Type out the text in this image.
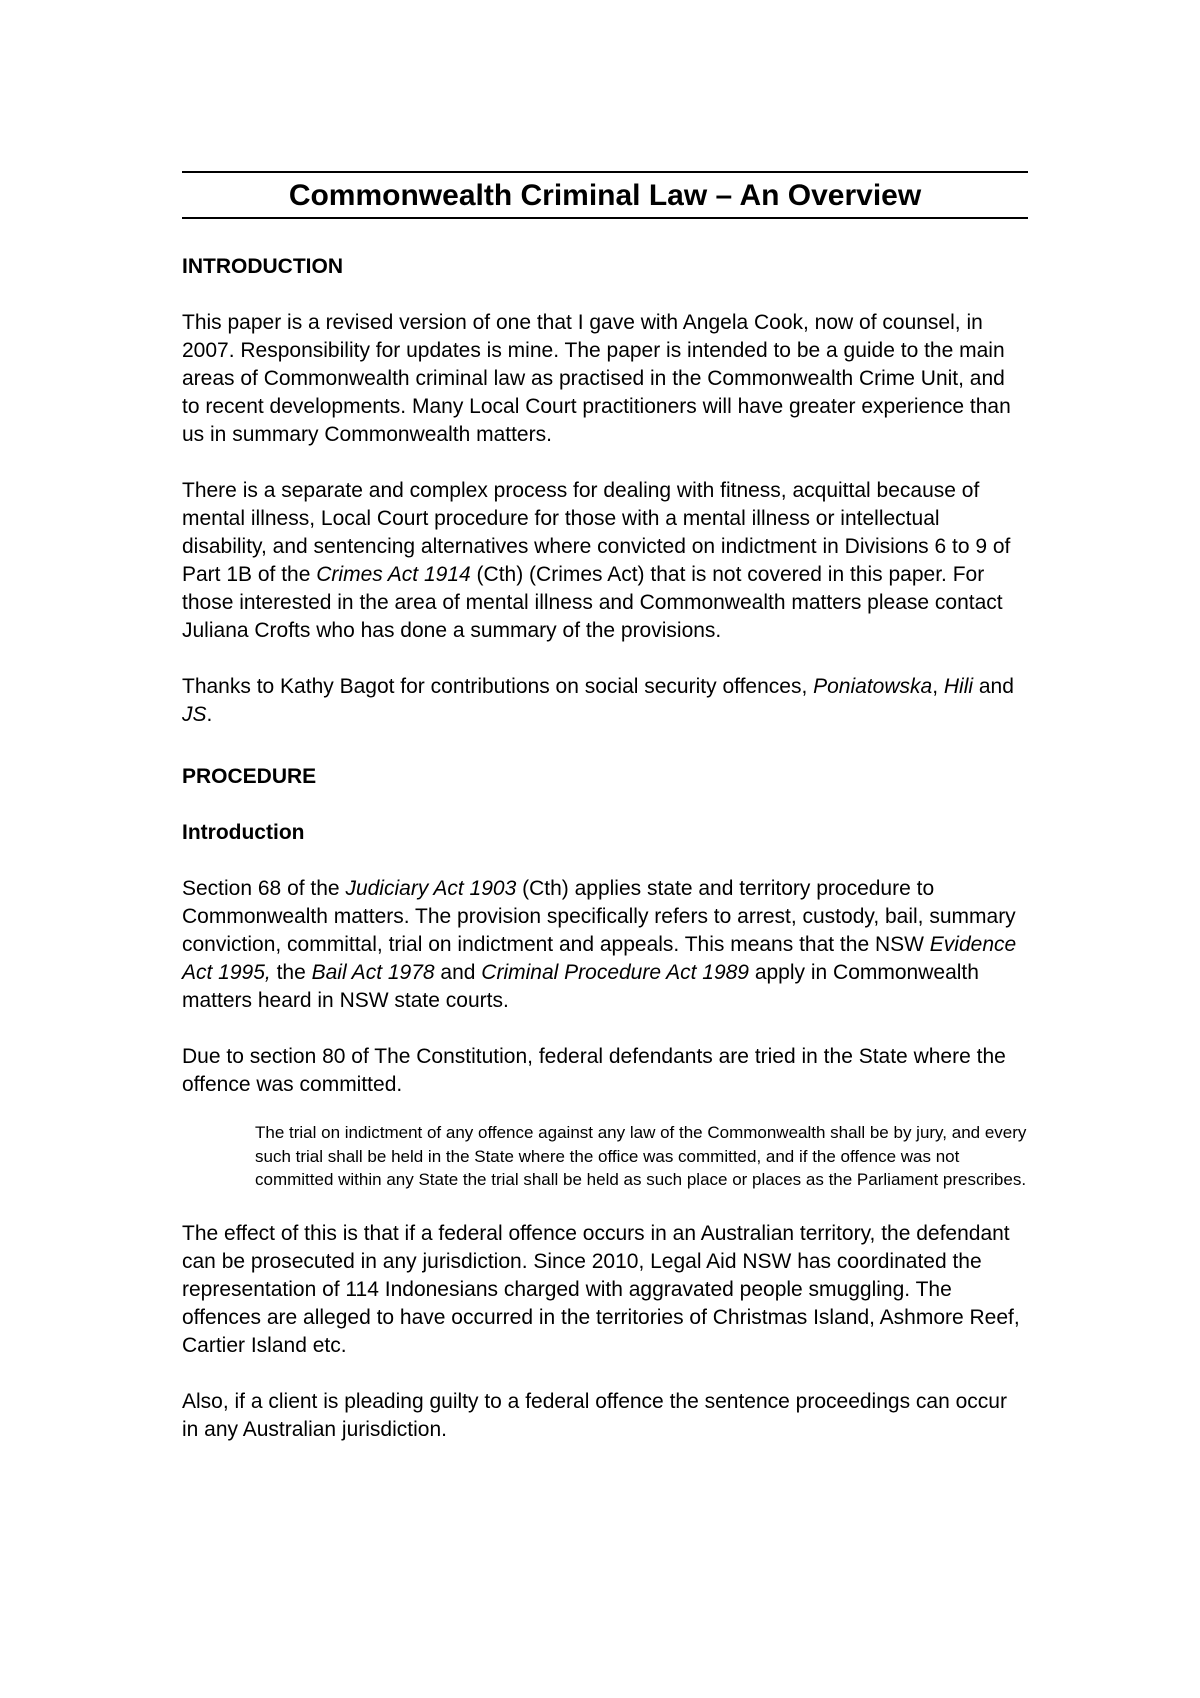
Commonwealth Criminal Law – An Overview
INTRODUCTION

This paper is a revised version of one that I gave with Angela Cook, now of counsel, in 2007. Responsibility for updates is mine. The paper is intended to be a guide to the main areas of Commonwealth criminal law as practised in the Commonwealth Crime Unit, and to recent developments. Many Local Court practitioners will have greater experience than us in summary Commonwealth matters.

There is a separate and complex process for dealing with fitness, acquittal because of mental illness, Local Court procedure for those with a mental illness or intellectual disability, and sentencing alternatives where convicted on indictment in Divisions 6 to 9 of Part 1B of the Crimes Act 1914 (Cth) (Crimes Act) that is not covered in this paper. For those interested in the area of mental illness and Commonwealth matters please contact Juliana Crofts who has done a summary of the provisions.

Thanks to Kathy Bagot for contributions on social security offences, Poniatowska, Hili and JS.

PROCEDURE
Introduction

Section 68 of the Judiciary Act 1903 (Cth) applies state and territory procedure to Commonwealth matters. The provision specifically refers to arrest, custody, bail, summary conviction, committal, trial on indictment and appeals. This means that the NSW Evidence Act 1995, the Bail Act 1978 and Criminal Procedure Act 1989 apply in Commonwealth matters heard in NSW state courts.

Due to section 80 of The Constitution, federal defendants are tried in the State where the offence was committed.

The trial on indictment of any offence against any law of the Commonwealth shall be by jury, and every such trial shall be held in the State where the office was committed, and if the offence was not committed within any State the trial shall be held as such place or places as the Parliament prescribes.

The effect of this is that if a federal offence occurs in an Australian territory, the defendant can be prosecuted in any jurisdiction. Since 2010, Legal Aid NSW has coordinated the representation of 114 Indonesians charged with aggravated people smuggling. The offences are alleged to have occurred in the territories of Christmas Island, Ashmore Reef, Cartier Island etc.

Also, if a client is pleading guilty to a federal offence the sentence proceedings can occur in any Australian jurisdiction.
